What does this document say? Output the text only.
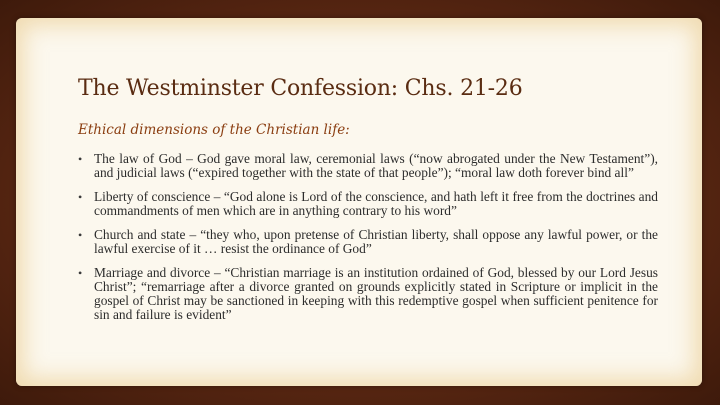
The Westminster Confession: Chs. 21-26

Ethical dimensions of the Christian life:

• The law of God – God gave moral law, ceremonial laws (“now abrogated under the New Testament”), and judicial laws (“expired together with the state of that people”); “moral law doth forever bind all”
• Liberty of conscience – “God alone is Lord of the conscience, and hath left it free from the doctrines and commandments of men which are in anything contrary to his word”
• Church and state – “they who, upon pretense of Christian liberty, shall oppose any lawful power, or the lawful exercise of it … resist the ordinance of God”
• Marriage and divorce – “Christian marriage is an institution ordained of God, blessed by our Lord Jesus Christ”; “remarriage after a divorce granted on grounds explicitly stated in Scripture or implicit in the gospel of Christ may be sanctioned in keeping with this redemptive gospel when sufficient penitence for sin and failure is evident”
